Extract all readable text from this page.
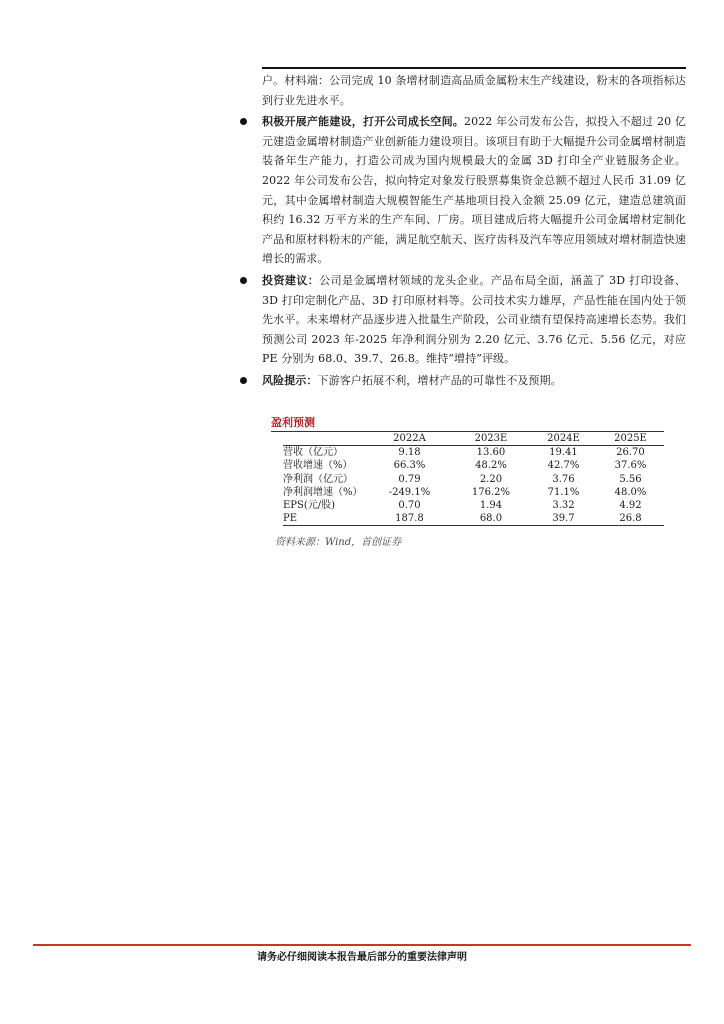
户。材料端：公司完成 10 条增材制造高品质金属粉末生产线建设，粉末的各项指标达到行业先进水平。

积极开展产能建设，打开公司成长空间。2022 年公司发布公告，拟投入不超过 20 亿元建造金属增材制造产业创新能力建设项目。该项目有助于大幅提升公司金属增材制造装备年生产能力，打造公司成为国内规模最大的金属 3D 打印全产业链服务企业。2022 年公司发布公告，拟向特定对象发行股票募集资金总额不超过人民币 31.09 亿元，其中金属增材制造大规模智能生产基地项目投入金额 25.09 亿元，建造总建筑面积约 16.32 万平方米的生产车间、厂房。项目建成后将大幅提升公司金属增材定制化产品和原材料粉末的产能，满足航空航天、医疗齿科及汽车等应用领域对增材制造快速增长的需求。

投资建议：公司是金属增材领域的龙头企业。产品布局全面，涵盖了 3D 打印设备、3D 打印定制化产品、3D 打印原材料等。公司技术实力雄厚，产品性能在国内处于领先水平。未来增材产品逐步进入批量生产阶段，公司业绩有望保持高速增长态势。我们预测公司 2023 年-2025 年净利润分别为 2.20 亿元、3.76 亿元、5.56 亿元，对应 PE 分别为 68.0、39.7、26.8。维持“增持”评级。

风险提示：下游客户拓展不利，增材产品的可靠性不及预期。

盈利预测
	2022A	2023E	2024E	2025E
营收（亿元）	9.18	13.60	19.41	26.70
营收增速（%）	66.3%	48.2%	42.7%	37.6%
净利润（亿元）	0.79	2.20	3.76	5.56
净利润增速（%）	-249.1%	176.2%	71.1%	48.0%
EPS(元/股)	0.70	1.94	3.32	4.92
PE	187.8	68.0	39.7	26.8
资料来源：Wind，首创证券
请务必仔细阅读本报告最后部分的重要法律声明
